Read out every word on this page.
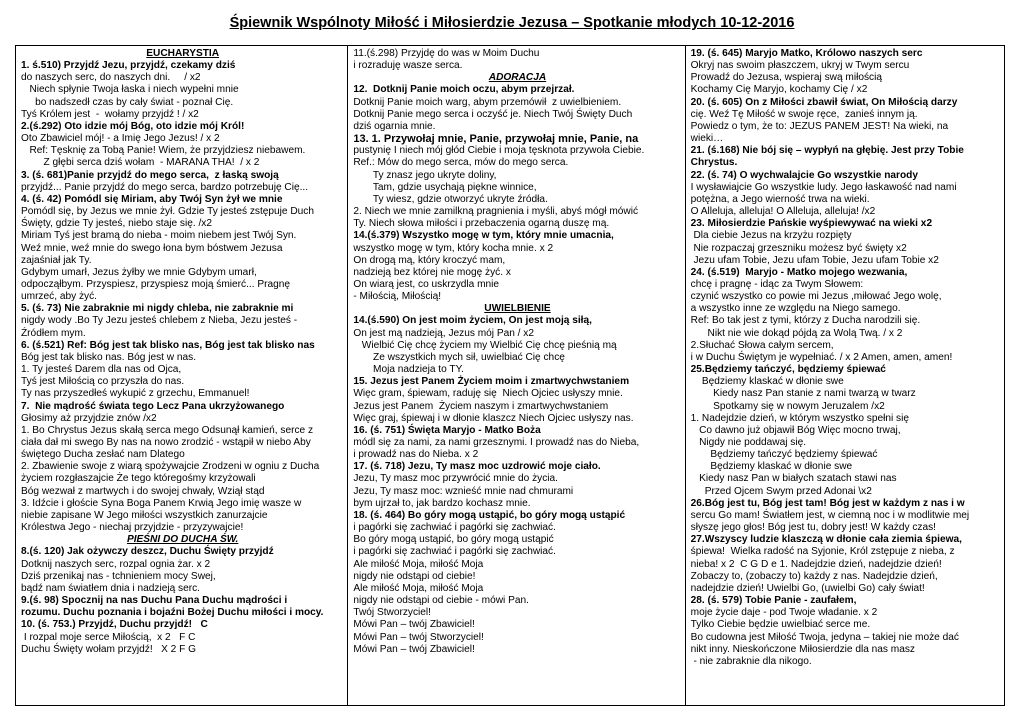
Śpiewnik Wspólnoty Miłość i Miłosierdzie Jezusa – Spotkanie młodych 10-12-2016
EUCHARYSTIA
1. ś.510) Przyjdź Jezu, przyjdź, czekamy dziś
do naszych serc, do naszych dni.     / x2
Niech spłynie Twoja łaska i niech wypełni mnie
bo nadszedł czas by cały świat - poznał Cię.
Tyś Królem jest  -  wołamy przyjdź ! / x2
2.(ś.292) Oto idzie mój Bóg, oto idzie mój Król!
Oto Zbawiciel mój! - a Imię Jego Jezus! / x 2
Ref: Tęsknię za Tobą Panie! Wiem, że przyjdziesz niebawem.
Z głębi serca dziś wołam  - MARANA THA!  / x 2
3. (ś. 681)Panie przyjdź do mego serca,  z łaską swoją
przyjdź... Panie przyjdź do mego serca, bardzo potrzebuję Cię...
4. (ś. 42) Pomódl się Miriam, aby Twój Syn żył we mnie
Pomódl się, by Jezus we mnie żył. Gdzie Ty jesteś zstępuje Duch
Święty, gdzie Ty jesteś, niebo staje się. /x2
Miriam Tyś jest bramą do nieba - moim niebem jest Twój Syn.
Weź mnie, weź mnie do swego łona bym bóstwem Jezusa
zajaśniał jak Ty.
Gdybym umarł, Jezus żyłby we mnie Gdybym umarł,
odpocząłbym. Przyspiesz, przyspiesz moją śmierć... Pragnę
umrzeć, aby żyć.
5. (ś. 73) Nie zabraknie mi nigdy chleba, nie zabraknie mi
nigdy wody .Bo Ty Jezu jesteś chlebem z Nieba, Jezu jesteś -
Źródłem mym.
6. (ś.521) Ref: Bóg jest tak blisko nas, Bóg jest tak blisko nas
Bóg jest tak blisko nas. Bóg jest w nas.
1. Ty jesteś Darem dla nas od Ojca,
Tyś jest Miłością co przyszła do nas.
Ty nas przyszedłeś wykupić z grzechu, Emmanuel!
7.  Nie mądrość świata tego Lecz Pana ukrzyżowanego
Głosimy aż przyjdzie znów /x2
1. Bo Chrystus Jezus skałą serca mego Odsunął kamień, serce z
ciała dał mi swego By nas na nowo zrodzić - wstąpił w niebo Aby
świętego Ducha zesłać nam Dlatego
2. Zbawienie swoje z wiarą spożywajcie Zrodzeni w ogniu z Ducha
życiem rozgłaszajcie Że tego któregośmy krzyżowali
Bóg wezwał z martwych i do swojej chwały, Wziął stąd
3. Idźcie i głoście Syna Boga Panem Krwią Jego imię wasze w
niebie zapisane W Jego miłości wszystkich zanurzajcie
Królestwa Jego - niechaj przyjdzie - przyzywajcie!
PIEŚNI DO DUCHA ŚW.
8.(ś. 120) Jak ożywczy deszcz, Duchu Święty przyjdź
Dotknij naszych serc, rozpal ognia żar. x 2
Dziś przenikaj nas - tchnieniem mocy Swej,
bądź nam światłem dnia i nadzieją serc.
9.(ś. 98) Spocznij na nas Duchu Pana Duchu mądrości i
rozumu. Duchu poznania i bojaźni Bożej Duchu miłości i mocy.
10. (ś. 753.) Przyjdź, Duchu przyjdź!   C
I rozpal moje serce Miłością,  x 2   F C
Duchu Święty wołam przyjdź!   X 2 F G
11.(ś.298) Przyjdę do was w Moim Duchu
i rozraduję wasze serca.
ADORACJA
12.  Dotknij Panie moich oczu, abym przejrzał.
Dotknij Panie moich warg, abym przemówił  z uwielbieniem.
Dotknij Panie mego serca i oczyść je. Niech Twój Święty Duch
dziś ogarnia mnie.
13. 1. Przywołaj mnie, Panie, przywołaj mnie, Panie, na
pustynię I niech mój głód Ciebie i moja tęsknota przywoła Ciebie.
Ref.: Mów do mego serca, mów do mego serca.
Ty znasz jego ukryte doliny,
Tam, gdzie usychają piękne winnice,
Ty wiesz, gdzie otworzyć ukryte źródła.
2. Niech we mnie zamilkną pragnienia i myśli, abyś mógł mówić
Ty. Niech słowa miłości i przebaczenia ogarną duszę mą.
14.(ś.379) Wszystko mogę w tym, który mnie umacnia,
wszystko mogę w tym, który kocha mnie. x 2
On drogą mą, który kroczyć mam,
nadzieją bez której nie mogę żyć. x
On wiarą jest, co uskrzydla mnie
- Miłością, Miłością!
UWIELBIENIE
14.(ś.590) On jest moim życiem, On jest moją siłą,
On jest mą nadzieją, Jezus mój Pan / x2
Wielbić Cię chcę życiem my Wielbić Cię chcę pieśnią mą
Ze wszystkich mych sił, uwielbiać Cię chcę
Moja nadzieja to TY.
15. Jezus jest Panem Życiem moim i zmartwychwstaniem
Więc gram, śpiewam, raduję się  Niech Ojciec usłyszy mnie.
Jezus jest Panem  Życiem naszym i zmartwychwstaniem
Więc graj, śpiewaj i w dłonie klaszcz Niech Ojciec usłyszy nas.
16. (ś. 751) Święta Maryjo - Matko Boża
módl się za nami, za nami grzesznymi. I prowadź nas do Nieba,
i prowadź nas do Nieba. x 2
17. (ś. 718) Jezu, Ty masz moc uzdrowić moje ciało.
Jezu, Ty masz moc przywrócić mnie do życia.
Jezu, Ty masz moc: wznieść mnie nad chmurami
bym ujrzał to, jak bardzo kochasz mnie.
18. (ś. 464) Bo góry mogą ustąpić, bo góry mogą ustąpić
i pagórki się zachwiać i pagórki się zachwiać.
Bo góry mogą ustąpić, bo góry mogą ustąpić
i pagórki się zachwiać i pagórki się zachwiać.
Ale miłość Moja, miłość Moja
nigdy nie odstąpi od ciebie!
Ale miłość Moja, miłość Moja
nigdy nie odstąpi od ciebie - mówi Pan.
Twój Stworzyciel!
Mówi Pan – twój Zbawiciel!
Mówi Pan – twój Stworzyciel!
Mówi Pan – twój Zbawiciel!
19. (ś. 645) Maryjo Matko, Królowo naszych serc
Okryj nas swoim płaszczem, ukryj w Twym sercu
Prowadź do Jezusa, wspieraj swą miłością
Kochamy Cię Maryjo, kochamy Cię / x2
20. (ś. 605) On z Miłości zbawił świat, On Miłością darzy
cię. Weź Tę Miłość w swoje ręce,  zanieś innym ją.
Powiedz o tym, że to: JEZUS PANEM JEST! Na wieki, na
wieki…
21. (ś.168) Nie bój się – wypłyń na głębię. Jest przy Tobie
Chrystus.
22. (ś. 74) O wychwalajcie Go wszystkie narody
I wysławiajcie Go wszystkie ludy. Jego łaskawość nad nami
potężna, a Jego wierność trwa na wieki.
O Alleluja, alleluja! O Alleluja, alleluja! /x2
23. Miłosierdzie Pańskie wyśpiewywać na wieki x2
Dla ciebie Jezus na krzyżu rozpięty
Nie rozpaczaj grzeszniku możesz być święty x2
Jezu ufam Tobie, Jezu ufam Tobie, Jezu ufam Tobie x2
24. (ś.519)  Maryjo - Matko mojego wezwania,
chcę i pragnę - idąc za Twym Słowem:
czynić wszystko co powie mi Jezus ,miłować Jego wolę,
a wszystko inne ze względu na Niego samego.
Ref: Bo tak jest z tymi, którzy z Ducha narodzili się.
Nikt nie wie dokąd pójdą za Wolą Twą. / x 2
2.Słuchać Słowa całym sercem,
i w Duchu Świętym je wypełniać. / x 2 Amen, amen, amen!
25.Będziemy tańczyć, będziemy śpiewać
Będziemy klaskać w dłonie swe
Kiedy nasz Pan stanie z nami twarzą w twarz
Spotkamy się w nowym Jeruzalem /x2
1. Nadejdzie dzień, w którym wszystko spełni się
Co dawno już objawił Bóg Więc mocno trwaj,
Nigdy nie poddawaj się.
Będziemy tańczyć będziemy śpiewać
Będziemy klaskać w dłonie swe
Kiedy nasz Pan w białych szatach stawi nas
Przed Ojcem Swym przed Adonai \x2
26.Bóg jest tu, Bóg jest tam! Bóg jest w każdym z nas i w
sercu Go mam! Światłem jest, w ciemną noc i w modlitwie mej
słyszę jego głos! Bóg jest tu, dobry jest! W każdy czas!
27.Wszyscy ludzie klaszczą w dłonie cała ziemia śpiewa,
śpiewa!  Wielka radość na Syjonie, Król zstępuje z nieba, z
nieba! x 2  C G D e 1. Nadejdzie dzień, nadejdzie dzień!
Zobaczy to, (zobaczy to) każdy z nas. Nadejdzie dzień,
nadejdzie dzień! Uwielbi Go, (uwielbi Go) cały świat!
28. (ś. 579) Tobie Panie - zaufałem,
moje życie daje - pod Twoje władanie. x 2
Tylko Ciebie będzie uwielbiać serce me.
Bo cudowna jest Miłość Twoja, jedyna – takiej nie może dać
nikt inny. Nieskończone Miłosierdzie dla nas masz
- nie zabraknie dla nikogo.
